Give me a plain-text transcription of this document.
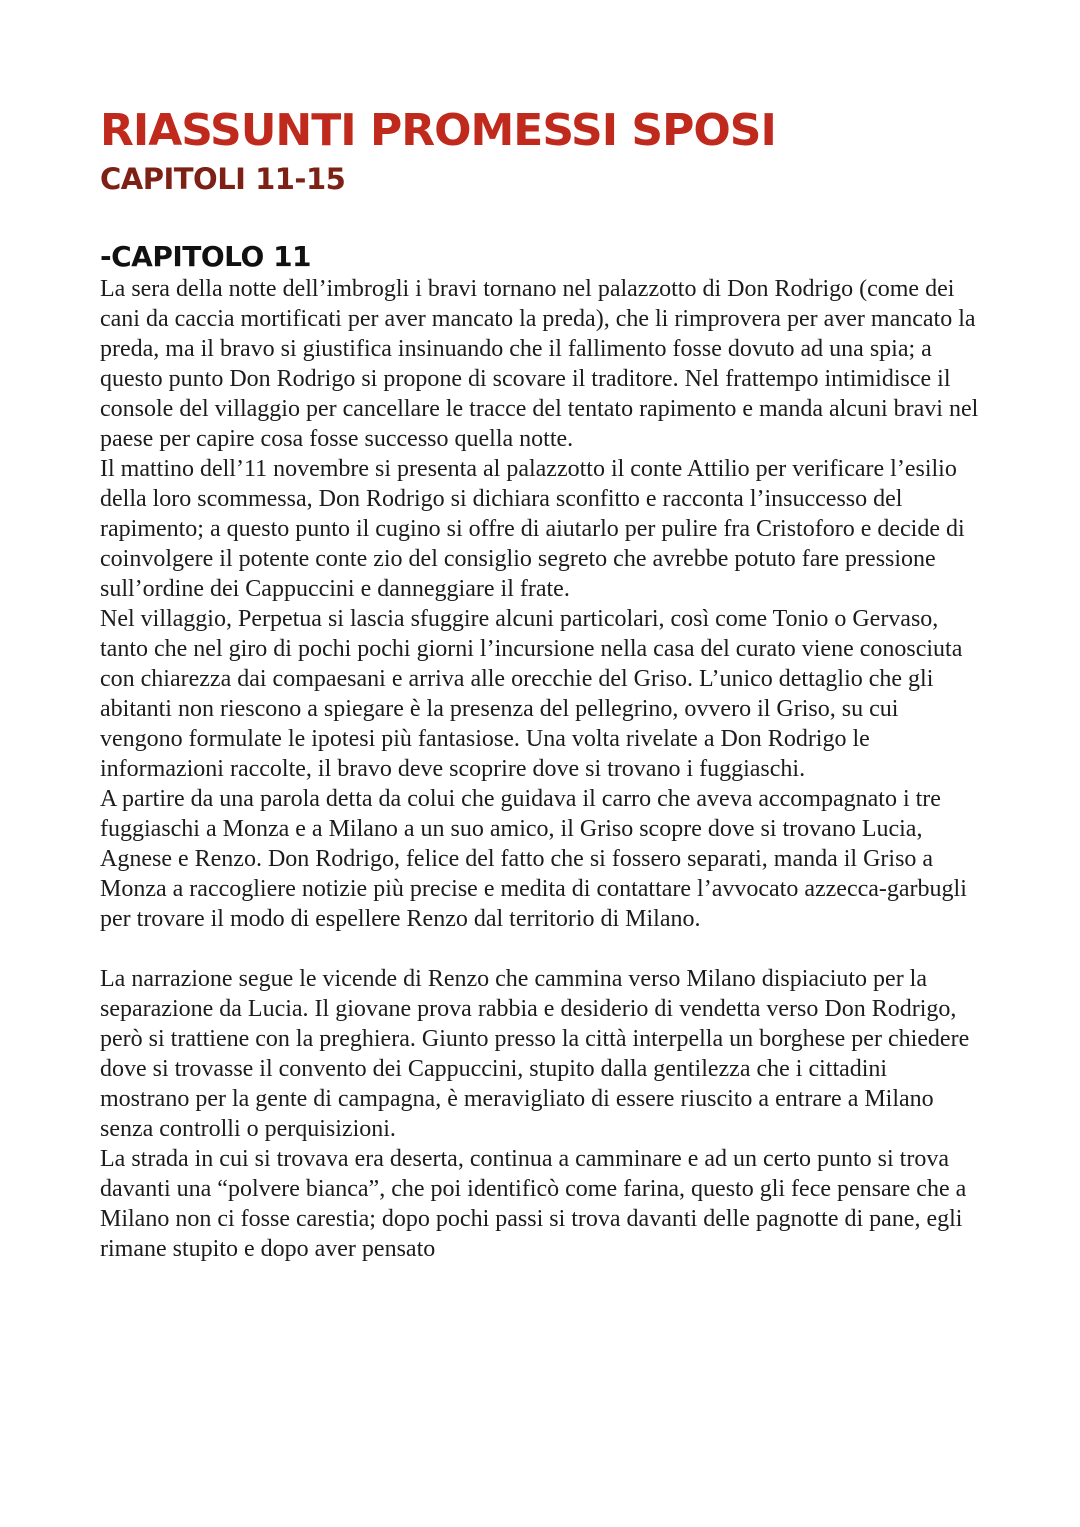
RIASSUNTI PROMESSI SPOSI
CAPITOLI 11-15
-CAPITOLO 11

La sera della notte dell’imbrogli i bravi tornano nel palazzotto di Don Rodrigo (come dei cani da caccia mortificati per aver mancato la preda), che li rimprovera per aver mancato la preda, ma il bravo si giustifica insinuando che il fallimento fosse dovuto ad una spia; a questo punto Don Rodrigo si propone di scovare il traditore. Nel frattempo intimidisce il console del villaggio per cancellare le tracce del tentato rapimento e manda alcuni bravi nel paese per capire cosa fosse successo quella notte.

Il mattino dell’11 novembre si presenta al palazzotto il conte Attilio per verificare l’esilio della loro scommessa, Don Rodrigo si dichiara sconfitto e racconta l’insuccesso del rapimento; a questo punto il cugino si offre di aiutarlo per pulire fra Cristoforo e decide di coinvolgere il potente conte zio del consiglio segreto che avrebbe potuto fare pressione sull’ordine dei Cappuccini e danneggiare il frate.

Nel villaggio, Perpetua si lascia sfuggire alcuni particolari, così come Tonio o Gervaso, tanto che nel giro di pochi pochi giorni l’incursione nella casa del curato viene conosciuta con chiarezza dai compaesani e arriva alle orecchie del Griso. L’unico dettaglio che gli abitanti non riescono a spiegare è la presenza del pellegrino, ovvero il Griso, su cui vengono formulate le ipotesi più fantasiose. Una volta rivelate a Don Rodrigo le informazioni raccolte, il bravo deve scoprire dove si trovano i fuggiaschi.

A partire da una parola detta da colui che guidava il carro che aveva accompagnato i tre fuggiaschi a Monza e a Milano a un suo amico, il Griso scopre dove si trovano Lucia, Agnese e Renzo. Don Rodrigo, felice del fatto che si fossero separati, manda il Griso a Monza a raccogliere notizie più precise e medita di contattare l’avvocato azzecca-garbugli per trovare il modo di espellere Renzo dal territorio di Milano.

La narrazione segue le vicende di Renzo che cammina verso Milano dispiaciuto per la separazione da Lucia. Il giovane prova rabbia e desiderio di vendetta verso Don Rodrigo, però si trattiene con la preghiera. Giunto presso la città interpella un borghese per chiedere dove si trovasse il convento dei Cappuccini, stupito dalla gentilezza che i cittadini mostrano per la gente di campagna, è meravigliato di essere riuscito a entrare a Milano senza controlli o perquisizioni.

La strada in cui si trovava era deserta, continua a camminare e ad un certo punto si trova davanti una “polvere bianca”, che poi identificò come farina, questo gli fece pensare che a Milano non ci fosse carestia; dopo pochi passi si trova davanti delle pagnotte di pane, egli rimane stupito e dopo aver pensato
